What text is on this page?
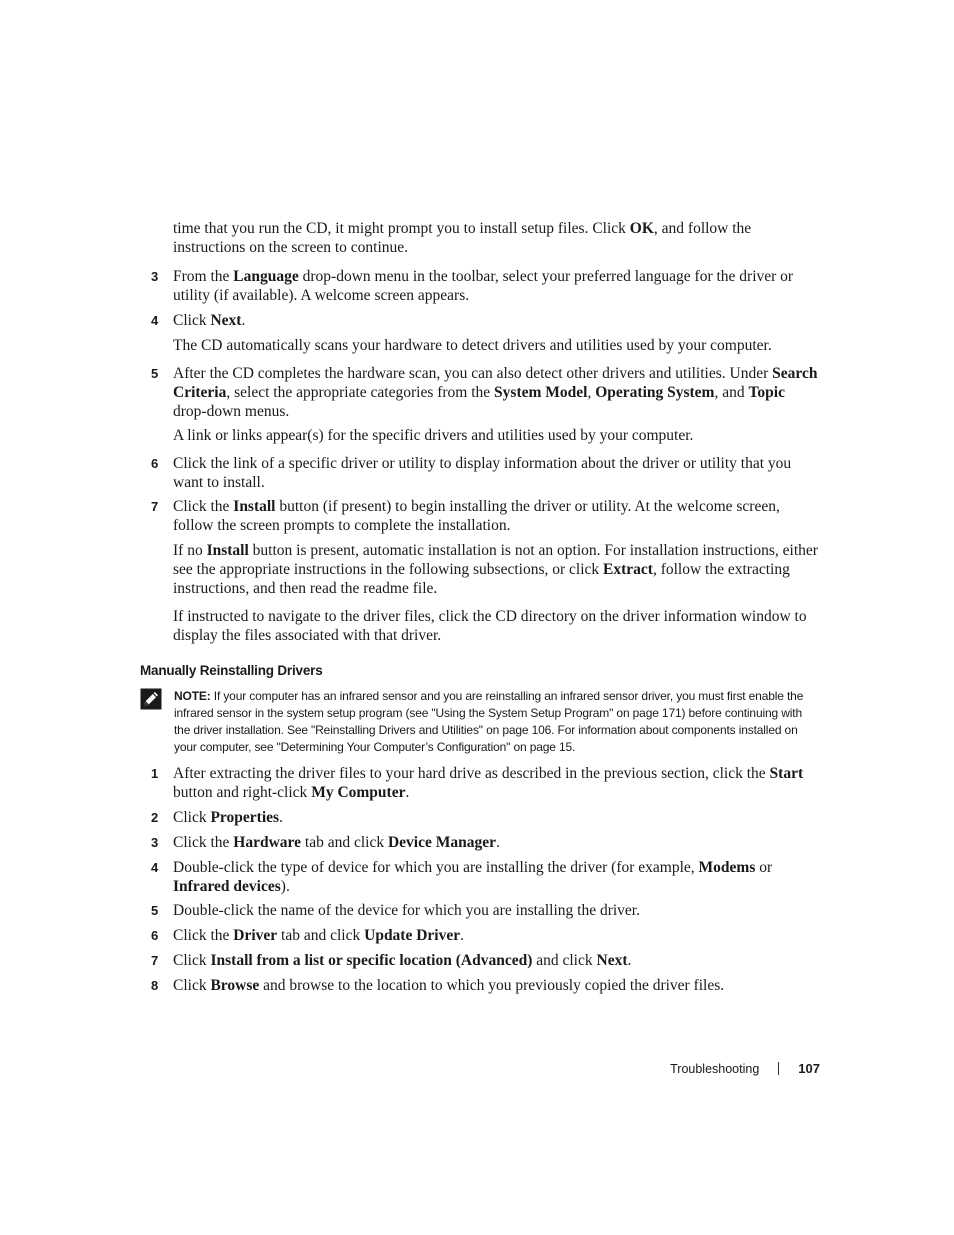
time that you run the CD, it might prompt you to install setup files. Click OK, and follow the instructions on the screen to continue.

3 From the Language drop-down menu in the toolbar, select your preferred language for the driver or utility (if available). A welcome screen appears.
4 Click Next.

The CD automatically scans your hardware to detect drivers and utilities used by your computer.

5 After the CD completes the hardware scan, you can also detect other drivers and utilities. Under Search Criteria, select the appropriate categories from the System Model, Operating System, and Topic drop-down menus.

A link or links appear(s) for the specific drivers and utilities used by your computer.

6 Click the link of a specific driver or utility to display information about the driver or utility that you want to install.
7 Click the Install button (if present) to begin installing the driver or utility. At the welcome screen, follow the screen prompts to complete the installation.

If no Install button is present, automatic installation is not an option. For installation instructions, either see the appropriate instructions in the following subsections, or click Extract, follow the extracting instructions, and then read the readme file.

If instructed to navigate to the driver files, click the CD directory on the driver information window to display the files associated with that driver.

Manually Reinstalling Drivers
NOTE: If your computer has an infrared sensor and you are reinstalling an infrared sensor driver, you must first enable the infrared sensor in the system setup program (see "Using the System Setup Program" on page 171) before continuing with the driver installation. See "Reinstalling Drivers and Utilities" on page 106. For information about components installed on your computer, see "Determining Your Computer’s Configuration" on page 15.
1 After extracting the driver files to your hard drive as described in the previous section, click the Start button and right-click My Computer.
2 Click Properties.
3 Click the Hardware tab and click Device Manager.
4 Double-click the type of device for which you are installing the driver (for example, Modems or Infrared devices).
5 Double-click the name of the device for which you are installing the driver.
6 Click the Driver tab and click Update Driver.
7 Click Install from a list or specific location (Advanced) and click Next.
8 Click Browse and browse to the location to which you previously copied the driver files.
Troubleshooting	107
